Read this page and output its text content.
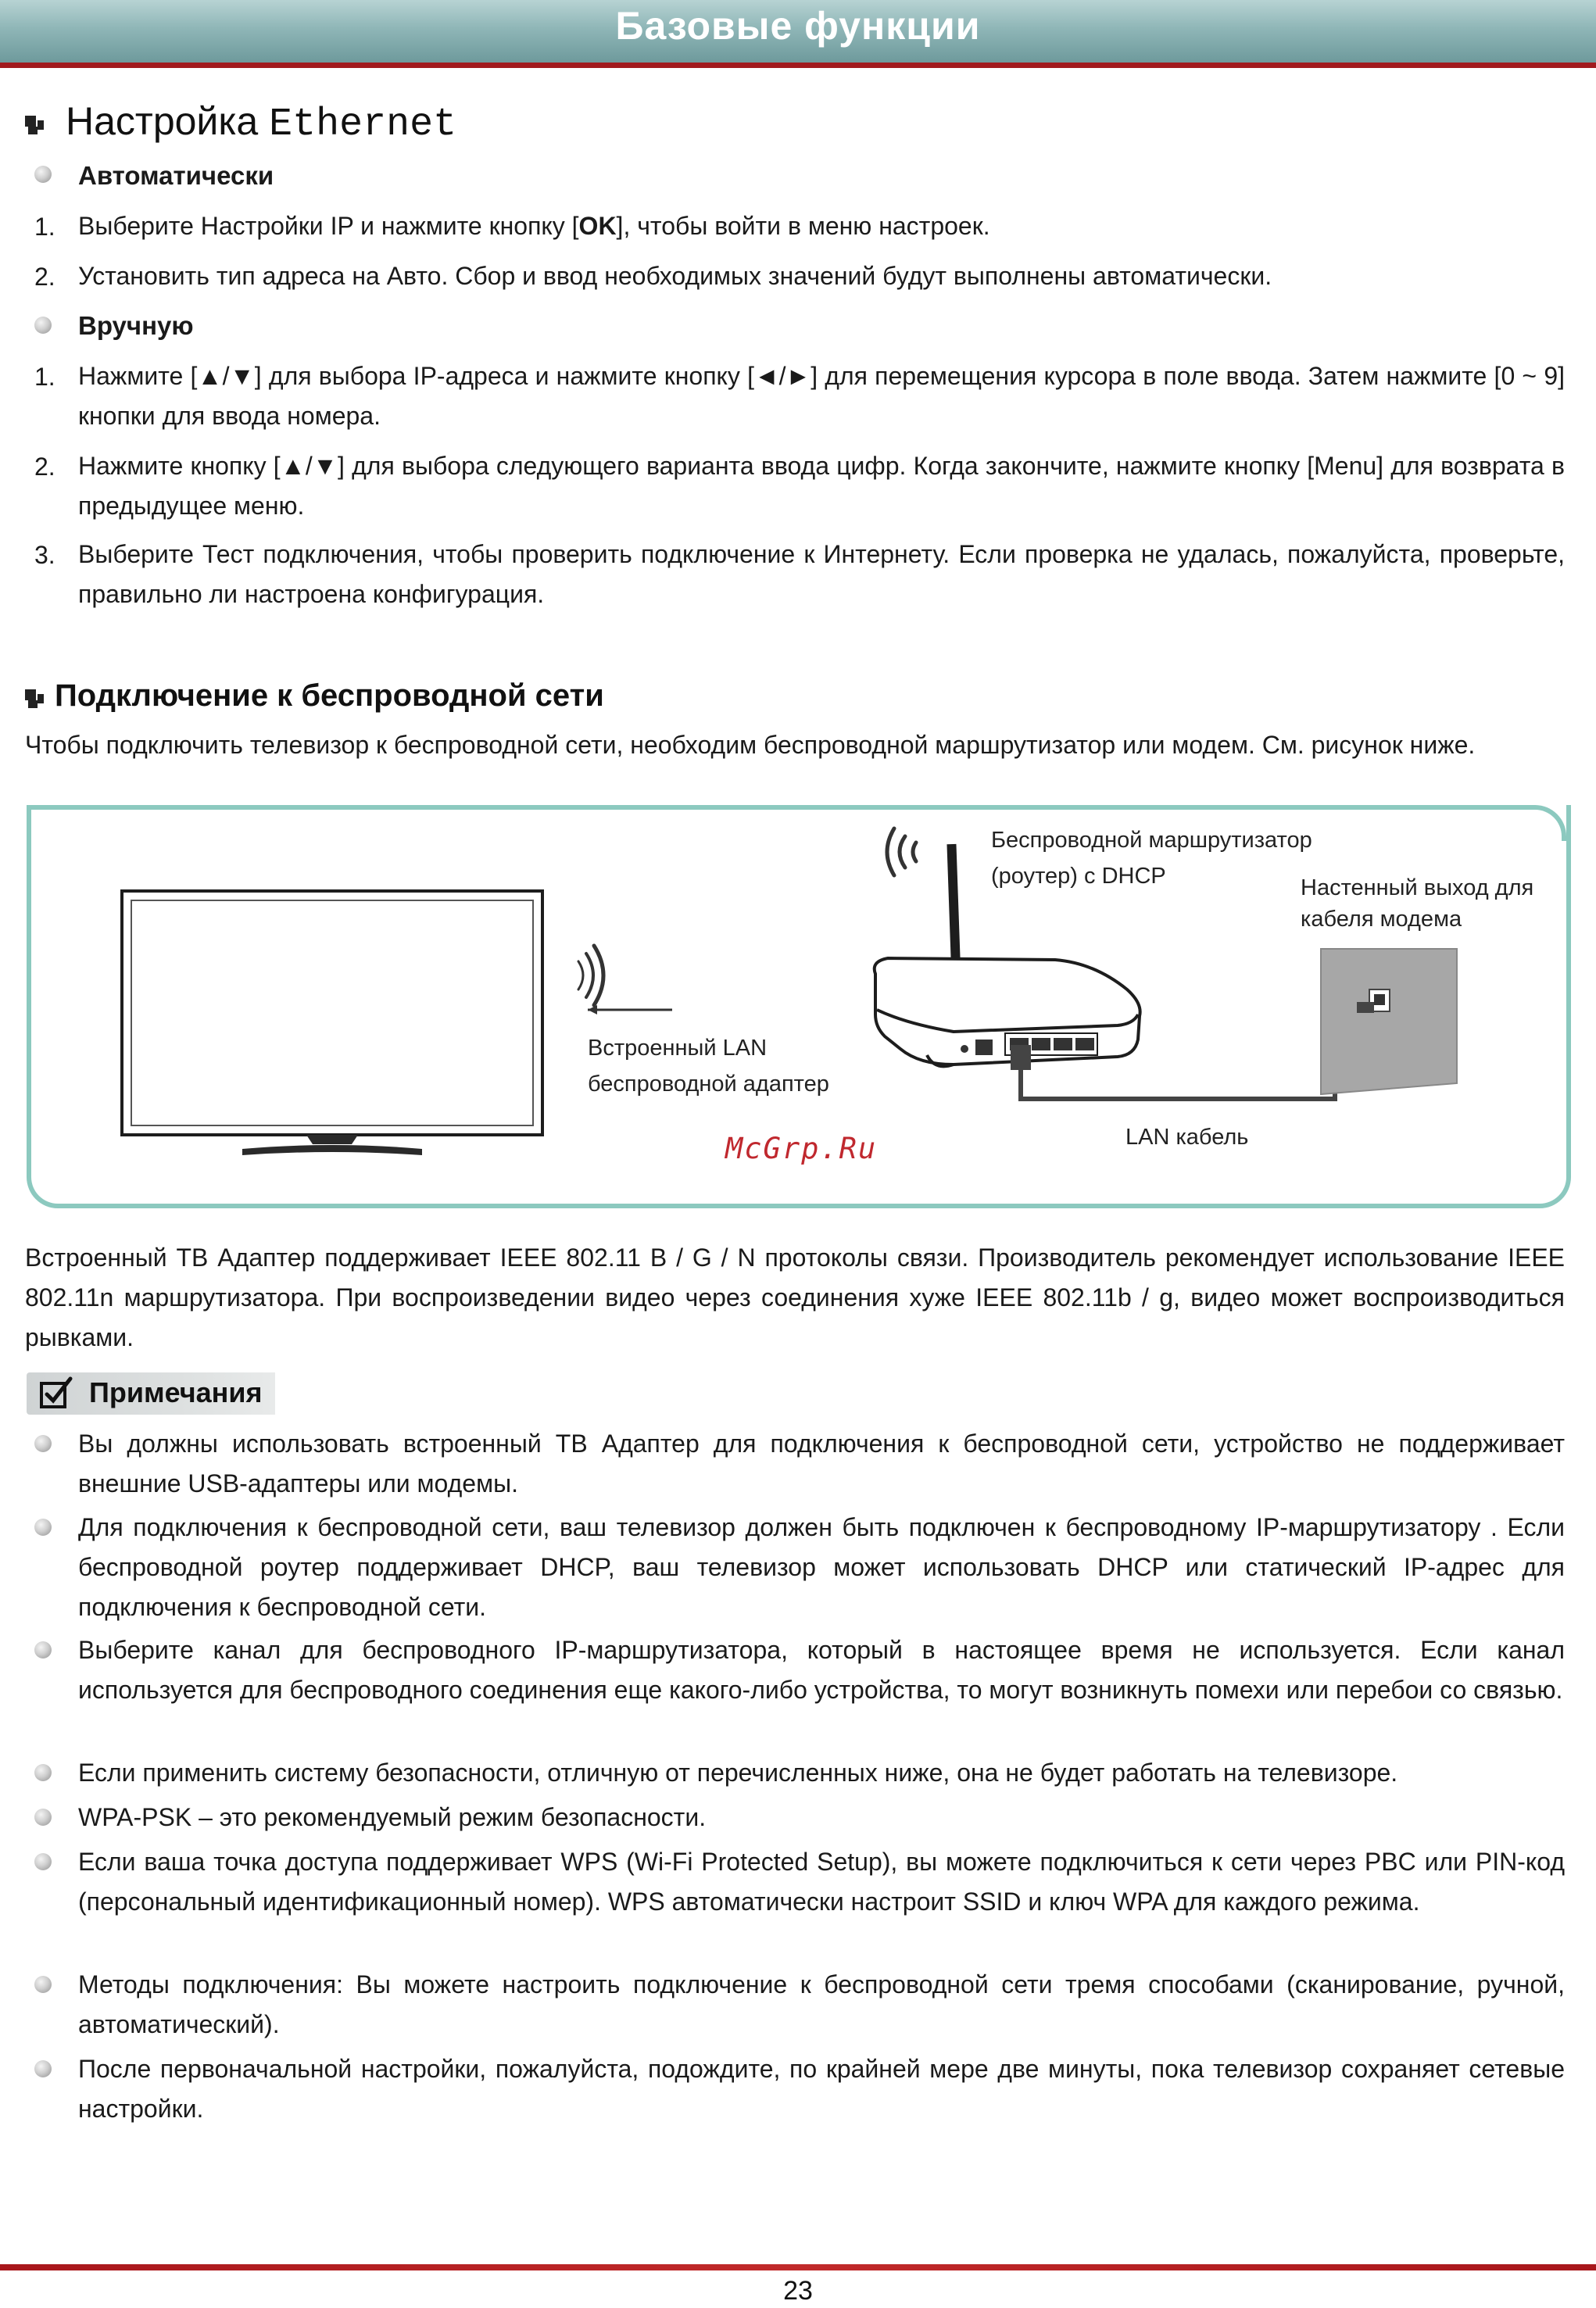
Базовые функции
Настройка Ethernet
Автоматически
1. Выберите Настройки IP и нажмите кнопку [OK], чтобы войти в меню настроек.
2. Установить тип адреса на Авто. Сбор и ввод необходимых значений будут выполнены автоматически.
Вручную
1. Нажмите [▲/▼] для выбора IP-адреса и нажмите кнопку [◄/►] для перемещения курсора в поле ввода. Затем нажмите [0 ~ 9] кнопки для ввода номера.
2. Нажмите кнопку [▲/▼] для выбора следующего варианта ввода цифр. Когда закончите, нажмите кнопку [Menu] для возврата в предыдущее меню.
3. Выберите Тест подключения, чтобы проверить подключение к Интернету. Если проверка не удалась, пожалуйста, проверьте, правильно ли настроена конфигурация.
Подключение к беспроводной сети
Чтобы подключить телевизор к беспроводной сети, необходим беспроводной маршрутизатор или модем. См. рисунок ниже.
Беспроводной маршрутизатор
(роутер) с DHCP	Настенный выход для
кабеля модема
Встроенный LAN
беспроводной адаптер
LAN кабель
McGrp.Ru
Встроенный ТВ Адаптер поддерживает IEEE 802.11 B / G / N протоколы связи. Производитель рекомендует использование IEEE 802.11n маршрутизатора. При воспроизведении видео через соединения хуже IEEE 802.11b / g, видео может воспроизводиться рывками.
Примечания
Вы должны использовать встроенный ТВ Адаптер для подключения к беспроводной сети, устройство не поддерживает внешние USB-адаптеры или модемы.
Для подключения к беспроводной сети, ваш телевизор должен быть подключен к беспроводному IP-маршрутизатору . Если беспроводной роутер поддерживает DHCP, ваш телевизор может использовать DHCP или статический IP-адрес для подключения к беспроводной сети.
Выберите канал для беспроводного IP-маршрутизатора, который в настоящее время не используется. Если канал используется для беспроводного соединения еще какого-либо устройства, то могут возникнуть помехи или перебои со связью.
Если применить систему безопасности, отличную от перечисленных ниже, она не будет работать на телевизоре.
WPA-PSK – это рекомендуемый режим безопасности.
Если ваша точка доступа поддерживает WPS (Wi-Fi Protected Setup), вы можете подключиться к сети через PBC или PIN-код (персональный идентификационный номер). WPS автоматически настроит SSID и ключ WPA для каждого режима.
Методы подключения: Вы можете настроить подключение к беспроводной сети тремя способами (сканирование, ручной, автоматический).
После первоначальной настройки, пожалуйста, подождите, по крайней мере две минуты, пока телевизор сохраняет сетевые настройки.
23
